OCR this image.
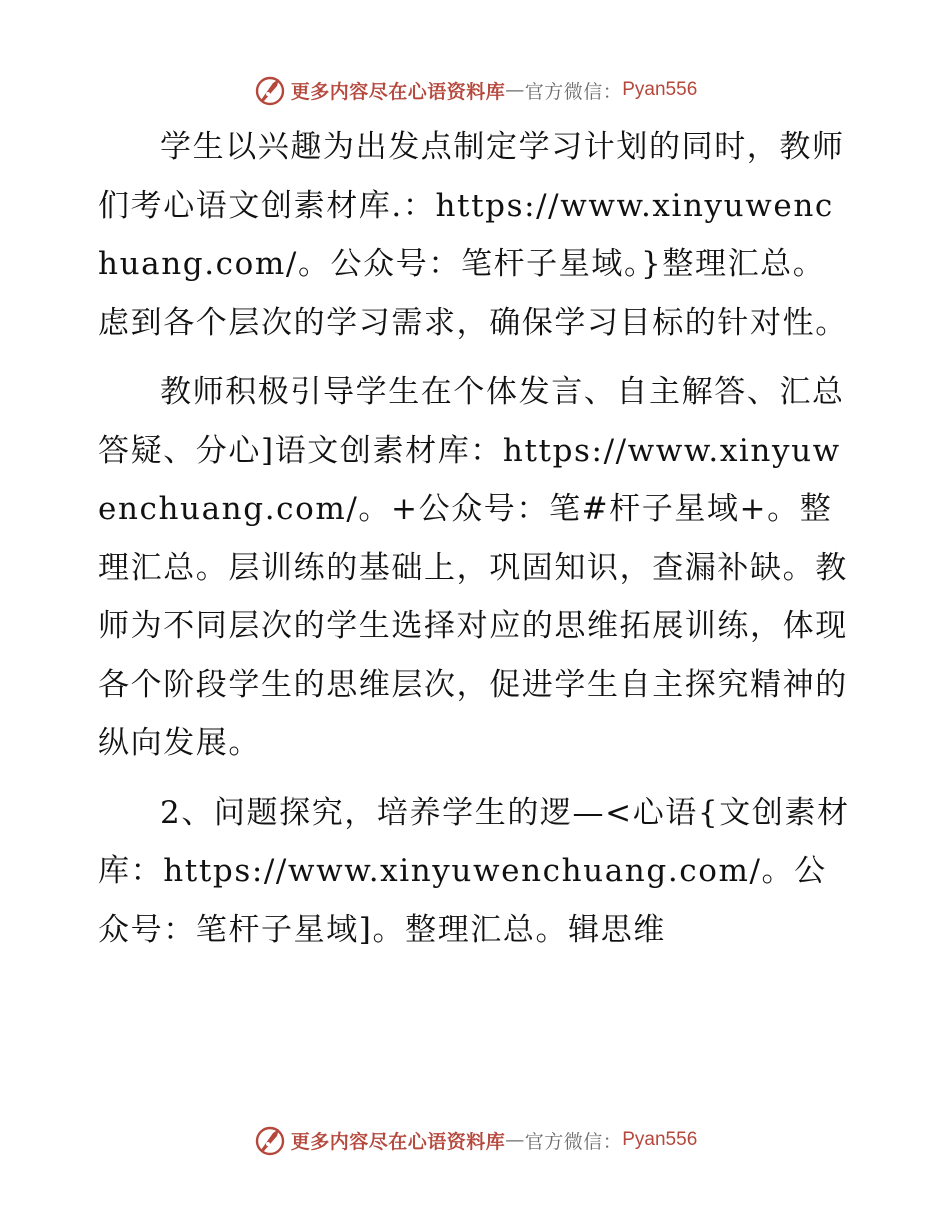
更多内容尽在心语资料库 — 官方微信： Pyan556

学生以兴趣为出发点制定学习计划的同时，教师们考心语文创素材库.：https://www.xinyuwenchuang.com/。公众号：笔杆子星域。}整理汇总。虑到各个层次的学习需求，确保学习目标的针对性。

教师积极引导学生在个体发言、自主解答、汇总答疑、分心]语文创素材库：https://www.xinyuwenchuang.com/。+公众号：笔#杆子星域+。整理汇总。层训练的基础上，巩固知识，查漏补缺。教师为不同层次的学生选择对应的思维拓展训练，体现各个阶段学生的思维层次，促进学生自主探究精神的纵向发展。

2、问题探究，培养学生的逻—<心语{文创素材库：https://www.xinyuwenchuang.com/。公众号：笔杆子星域]。整理汇总。辑思维

更多内容尽在心语资料库 — 官方微信： Pyan556
